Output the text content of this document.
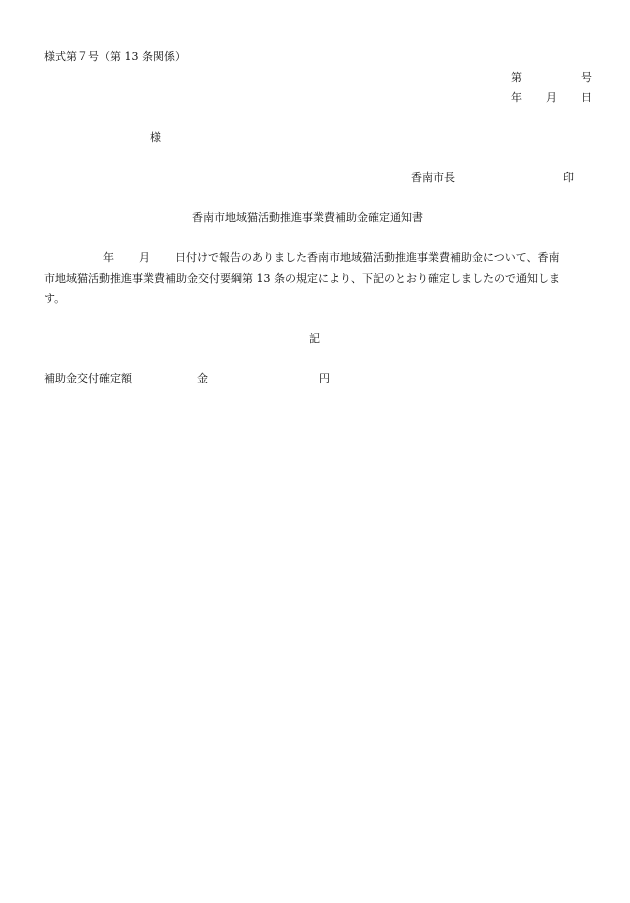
様式第７号（第 13 条関係）
第	号
年 月 日
様
香南市長	印
香南市地域猫活動推進事業費補助金確定通知書
年 月 日付けで報告のありました香南市地域猫活動推進事業費補助金について、香南
市地域猫活動推進事業費補助金交付要綱第 13 条の規定により、下記のとおり確定しましたので通知しま
す。
記
補助金交付確定額	金	円
